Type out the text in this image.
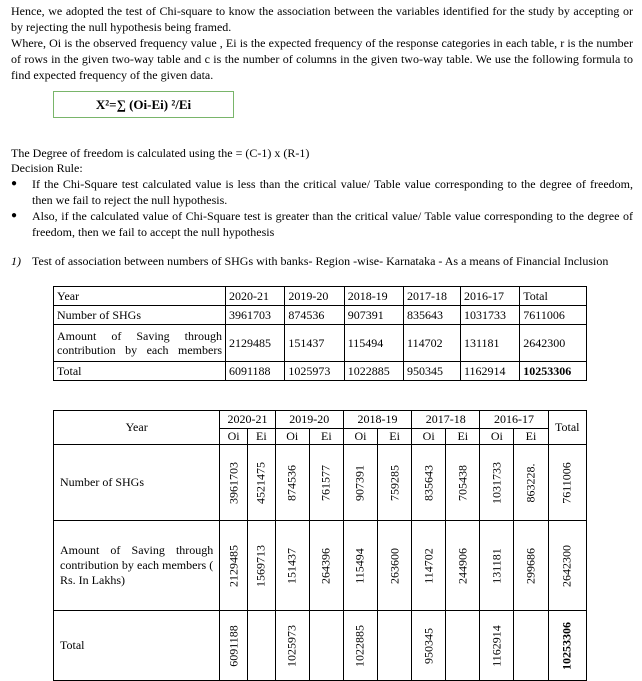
Hence, we adopted the test of Chi-square to know the association between the variables identified for the study by accepting or by rejecting the null hypothesis being framed.
Where, Oi is the observed frequency value , Ei is the expected frequency of the response categories in each table, r is the number of rows in the given two-way table and c is the number of columns in the given two-way table. We use the following formula to find expected frequency of the given data.
X²=∑ (Oi-Ei) ²/Ei
The Degree of freedom is calculated using the = (C-1) x (R-1)
Decision Rule:
● If the Chi-Square test calculated value is less than the critical value/ Table value corresponding to the degree of freedom, then we fail to reject the null hypothesis.
● Also, if the calculated value of Chi-Square test is greater than the critical value/ Table value corresponding to the degree of freedom, then we fail to accept the null hypothesis
1) Test of association between numbers of SHGs with banks- Region -wise- Karnataka - As a means of Financial Inclusion
Year	2020-21	2019-20	2018-19	2017-18	2016-17	Total
Number of SHGs	3961703	874536	907391	835643	1031733	7611006
Amount of Saving through contribution by each members	2129485	151437	115494	114702	131181	2642300
Total	6091188	1025973	1022885	950345	1162914	10253306
Year	2020-21		2019-20		2018-19		2017-18		2016-17		Total
	Oi	Ei	Oi	Ei	Oi	Ei	Oi	Ei	Oi	Ei	
Number of SHGs	3961703	4521475	874536	761577	907391	759285	835643	705438	1031733	863228.	7611006

Amount of Saving through contribution by each members ( Rs. In Lakhs)	2129485	1569713	151437	264396	115494	263600	114702	244906	131181	299686	2642300

Total	6091188		1025973		1022885		950345		1162914		10253306
